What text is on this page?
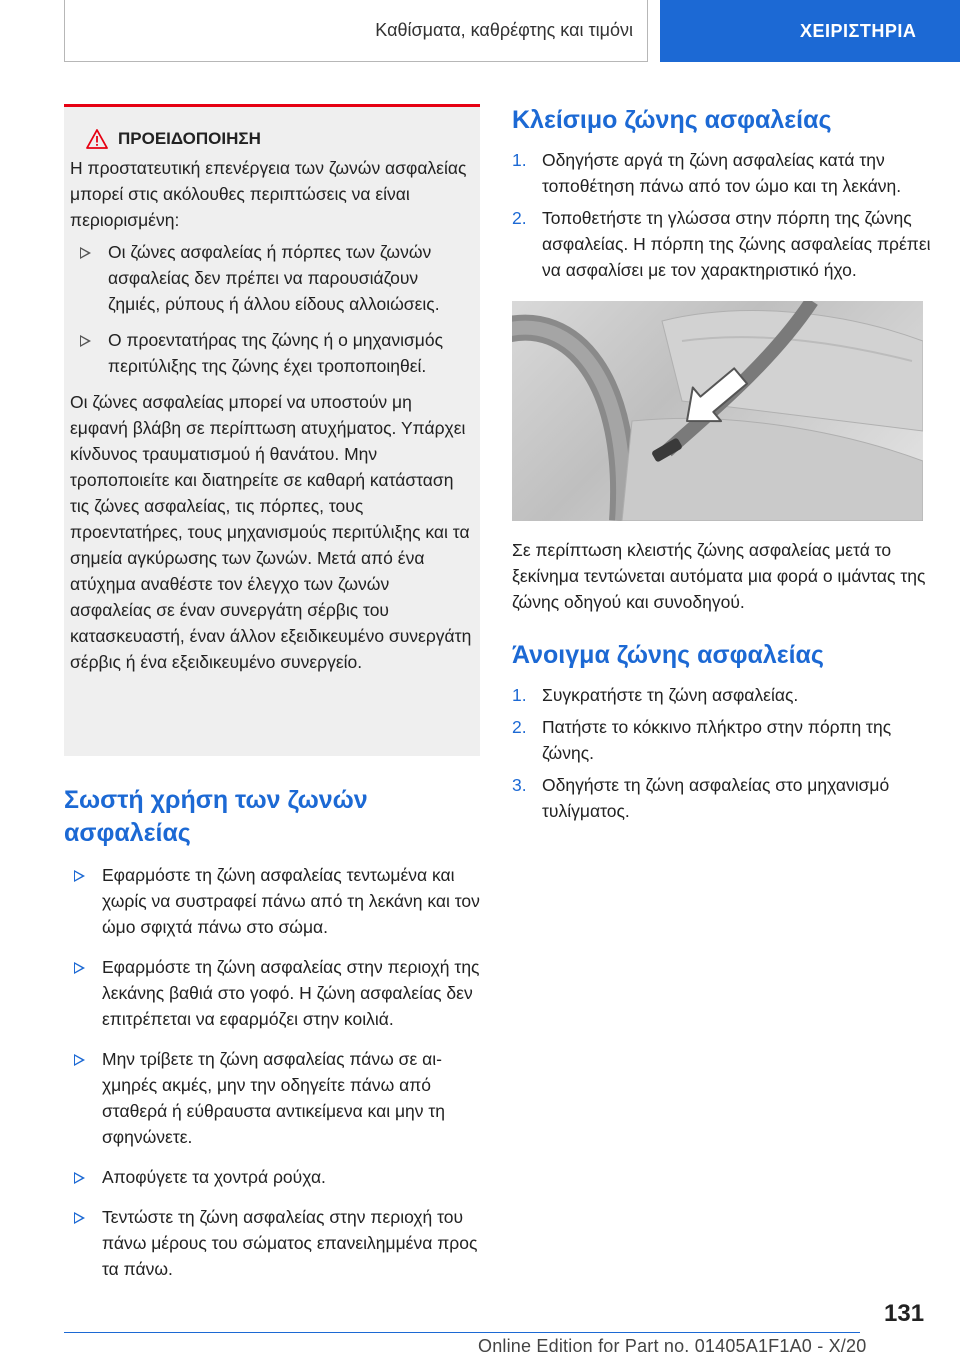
Καθίσματα, καθρέφτης και τιμόνι	ΧΕΙΡΙΣΤΗΡΙΑ
ΠΡΟΕΙΔΟΠΟΙΗΣΗ

Η προστατευτική επενέργεια των ζωνών ασφαλείας μπορεί στις ακόλουθες περιπτώσεις να είναι περιορισμένη:

Οι ζώνες ασφαλείας ή πόρπες των ζωνών ασφαλείας δεν πρέπει να παρουσιάζουν ζημιές, ρύπους ή άλλου είδους αλλοιώσεις.
Ο προεντατήρας της ζώνης ή ο μηχανισμός περιτύλιξης της ζώνης έχει τροποποιηθεί.

Οι ζώνες ασφαλείας μπορεί να υποστούν μη εμφανή βλάβη σε περίπτωση ατυχήματος. Υπάρχει κίνδυνος τραυματισμού ή θανάτου. Μην τροποποιείτε και διατηρείτε σε καθαρή κατάσταση τις ζώνες ασφαλείας, τις πόρπες, τους προεντατήρες, τους μηχανισμούς περιτύλιξης και τα σημεία αγκύρωσης των ζωνών. Μετά από ένα ατύχημα αναθέστε τον έλεγχο των ζωνών ασφαλείας σε έναν συνεργάτη σέρβις του κατασκευαστή, έναν άλλον εξειδικευμένο συνεργάτη σέρβις ή ένα εξειδικευμένο συνεργείο.

Σωστή χρήση των ζωνών ασφαλείας
Εφαρμόστε τη ζώνη ασφαλείας τεντωμένα και χωρίς να συστραφεί πάνω από τη λεκάνη και τον ώμο σφιχτά πάνω στο σώμα.
Εφαρμόστε τη ζώνη ασφαλείας στην περιοχή της λεκάνης βαθιά στο γοφό. Η ζώνη ασφαλείας δεν επιτρέπεται να εφαρμόζει στην κοιλιά.
Μην τρίβετε τη ζώνη ασφαλείας πάνω σε αιχμηρές ακμές, μην την οδηγείτε πάνω από σταθερά ή εύθραυστα αντικείμενα και μην τη σφηνώνετε.
Αποφύγετε τα χοντρά ρούχα.
Τεντώστε τη ζώνη ασφαλείας στην περιοχή του πάνω μέρους του σώματος επανειλημμένα προς τα πάνω.
Κλείσιμο ζώνης ασφαλείας
1. Οδηγήστε αργά τη ζώνη ασφαλείας κατά την τοποθέτηση πάνω από τον ώμο και τη λεκάνη.
2. Τοποθετήστε τη γλώσσα στην πόρπη της ζώνης ασφαλείας. Η πόρπη της ζώνης ασφαλείας πρέπει να ασφαλίσει με τον χαρακτηριστικό ήχο.

Σε περίπτωση κλειστής ζώνης ασφαλείας μετά το ξεκίνημα τεντώνεται αυτόματα μια φορά ο ιμάντας της ζώνης οδηγού και συνοδηγού.

Άνοιγμα ζώνης ασφαλείας
1. Συγκρατήστε τη ζώνη ασφαλείας.
2. Πατήστε το κόκκινο πλήκτρο στην πόρπη της ζώνης.
3. Οδηγήστε τη ζώνη ασφαλείας στο μηχανισμό τυλίγματος.
131
Online Edition for Part no. 01405A1F1A0 - X/20
